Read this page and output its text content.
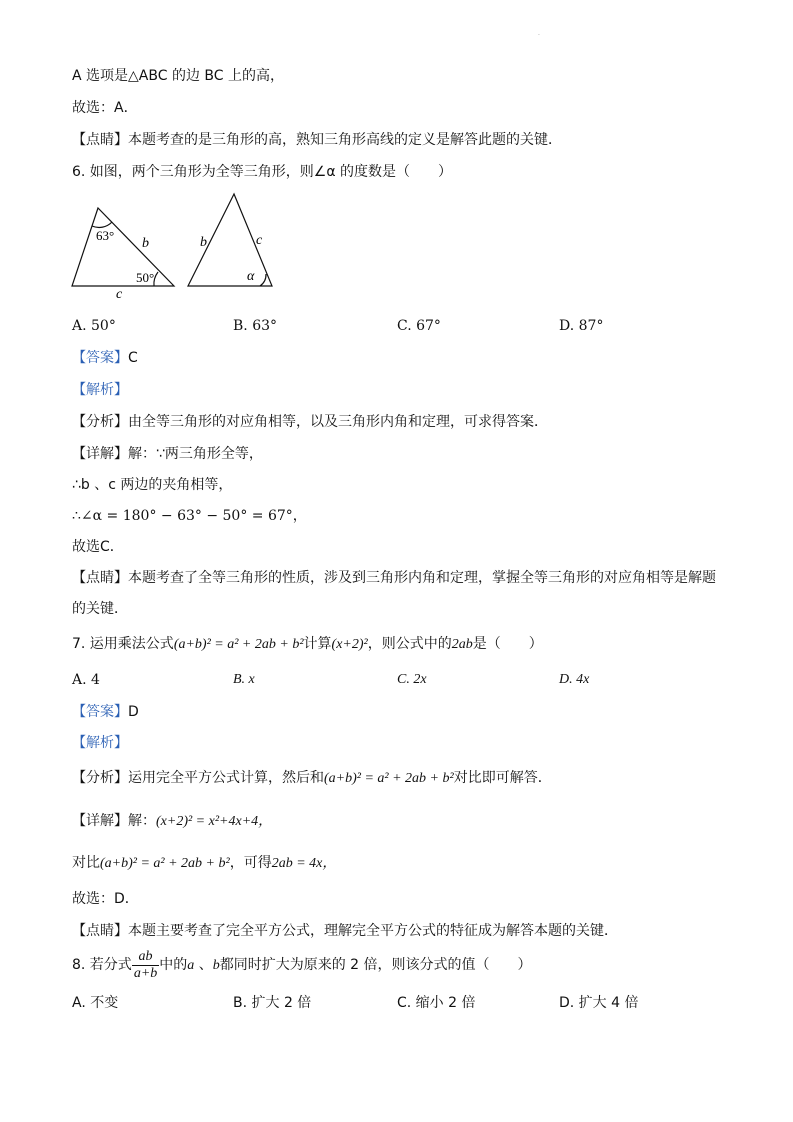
.
A 选项是△ABC 的边 BC 上的高，
故选：A．
【点睛】本题考查的是三角形的高，熟知三角形高线的定义是解答此题的关键．
6. 如图，两个三角形为全等三角形，则∠α 的度数是（　　）
63°
b
50°
c
b	c
α
A. 50°	B. 63°	C. 67°	D. 87°
【答案】C
【解析】
【分析】由全等三角形的对应角相等，以及三角形内角和定理，可求得答案．
【详解】解：∵两三角形全等，
∴b 、c 两边的夹角相等，
∴∠α = 180° − 63° − 50° = 67°，
故选C．
【点睛】本题考查了全等三角形的性质，涉及到三角形内角和定理，掌握全等三角形的对应角相等是解题
的关键．
7. 运用乘法公式(a+b)² = a² + 2ab + b²计算(x+2)²，则公式中的2ab是（　　）
A. 4	B. x	C. 2x	D. 4x
【答案】D
【解析】
【分析】运用完全平方公式计算，然后和(a+b)² = a² + 2ab + b²对比即可解答．
【详解】解：(x+2)² = x²+4x+4，
对比(a+b)² = a² + 2ab + b²，可得2ab = 4x，
故选：D．
【点睛】本题主要考查了完全平方公式，理解完全平方公式的特征成为解答本题的关键．
8. 若分式 $\frac{ab}{a+b}$ 中的a 、b都同时扩大为原来的 2 倍，则该分式的值（　　）
A. 不变	B. 扩大 2 倍	C. 缩小 2 倍	D. 扩大 4 倍
